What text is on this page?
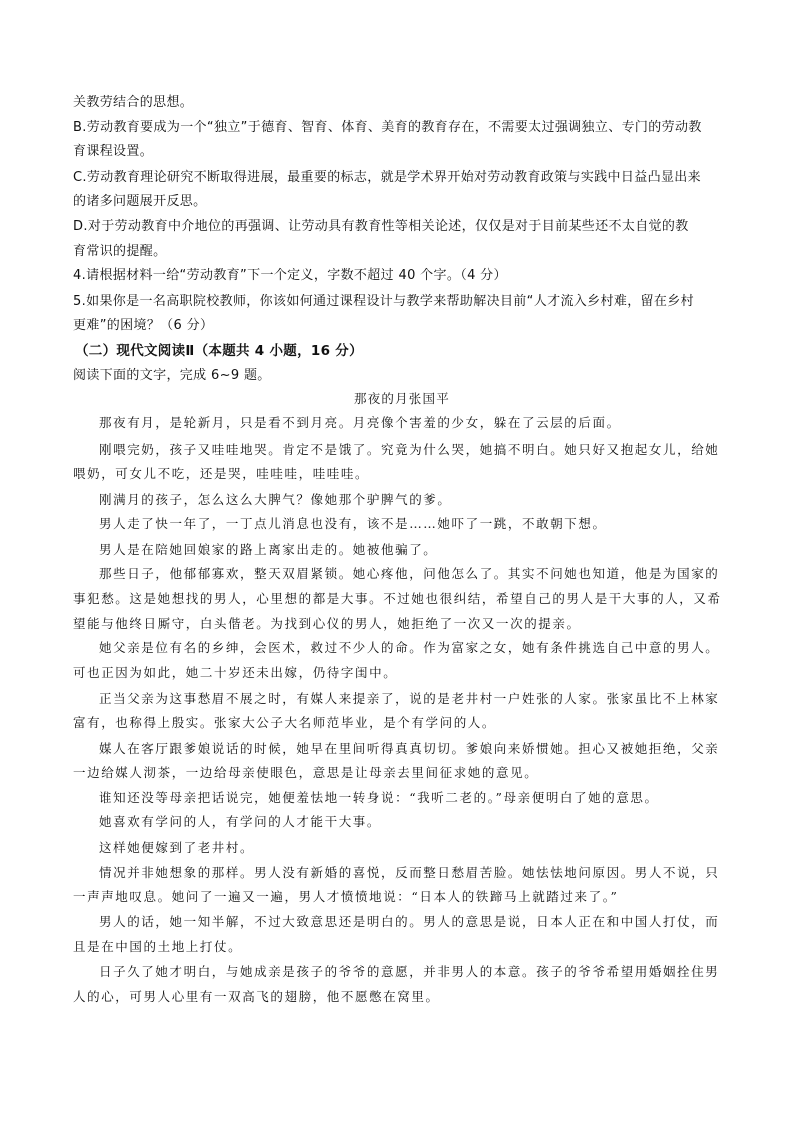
关教劳结合的思想。
B.劳动教育要成为一个“独立”于德育、智育、体育、美育的教育存在，不需要太过强调独立、专门的劳动教
育课程设置。
C.劳动教育理论研究不断取得进展，最重要的标志，就是学术界开始对劳动教育政策与实践中日益凸显出来
的诸多问题展开反思。
D.对于劳动教育中介地位的再强调、让劳动具有教育性等相关论述，仅仅是对于目前某些还不太自觉的教
育常识的提醒。
4.请根据材料一给“劳动教育”下一个定义，字数不超过 40 个字。（4 分）
5.如果你是一名高职院校教师，你该如何通过课程设计与教学来帮助解决目前“人才流入乡村难，留在乡村
更难”的困境？（6 分）
（二）现代文阅读Ⅱ（本题共 4 小题，16 分）
阅读下面的文字，完成 6~9 题。
那夜的月张国平
那夜有月，是轮新月，只是看不到月亮。月亮像个害羞的少女，躲在了云层的后面。
刚喂完奶，孩子又哇哇地哭。肯定不是饿了。究竟为什么哭，她搞不明白。她只好又抱起女儿，给她
喂奶，可女儿不吃，还是哭，哇哇哇，哇哇哇。
刚满月的孩子，怎么这么大脾气？像她那个驴脾气的爹。
男人走了快一年了，一丁点儿消息也没有，该不是……她吓了一跳，不敢朝下想。
男人是在陪她回娘家的路上离家出走的。她被他骗了。
那些日子，他郁郁寡欢，整天双眉紧锁。她心疼他，问他怎么了。其实不问她也知道，他是为国家的
事犯愁。这是她想找的男人，心里想的都是大事。不过她也很纠结，希望自己的男人是干大事的人，又希
望能与他终日厮守，白头偕老。为找到心仪的男人，她拒绝了一次又一次的提亲。
她父亲是位有名的乡绅，会医术，救过不少人的命。作为富家之女，她有条件挑选自己中意的男人。
可也正因为如此，她二十岁还未出嫁，仍待字闺中。
正当父亲为这事愁眉不展之时，有媒人来提亲了，说的是老井村一户姓张的人家。张家虽比不上林家
富有，也称得上殷实。张家大公子大名师范毕业，是个有学问的人。
媒人在客厅跟爹娘说话的时候，她早在里间听得真真切切。爹娘向来娇惯她。担心又被她拒绝，父亲
一边给媒人沏茶，一边给母亲使眼色，意思是让母亲去里间征求她的意见。
谁知还没等母亲把话说完，她便羞怯地一转身说：“我听二老的。”母亲便明白了她的意思。
她喜欢有学问的人，有学问的人才能干大事。
这样她便嫁到了老井村。
情况并非她想象的那样。男人没有新婚的喜悦，反而整日愁眉苦脸。她怯怯地问原因。男人不说，只
一声声地叹息。她问了一遍又一遍，男人才愤愤地说：“日本人的铁蹄马上就踏过来了。”
男人的话，她一知半解，不过大致意思还是明白的。男人的意思是说，日本人正在和中国人打仗，而
且是在中国的土地上打仗。
日子久了她才明白，与她成亲是孩子的爷爷的意愿，并非男人的本意。孩子的爷爷希望用婚姻拴住男
人的心，可男人心里有一双高飞的翅膀，他不愿憋在窝里。
